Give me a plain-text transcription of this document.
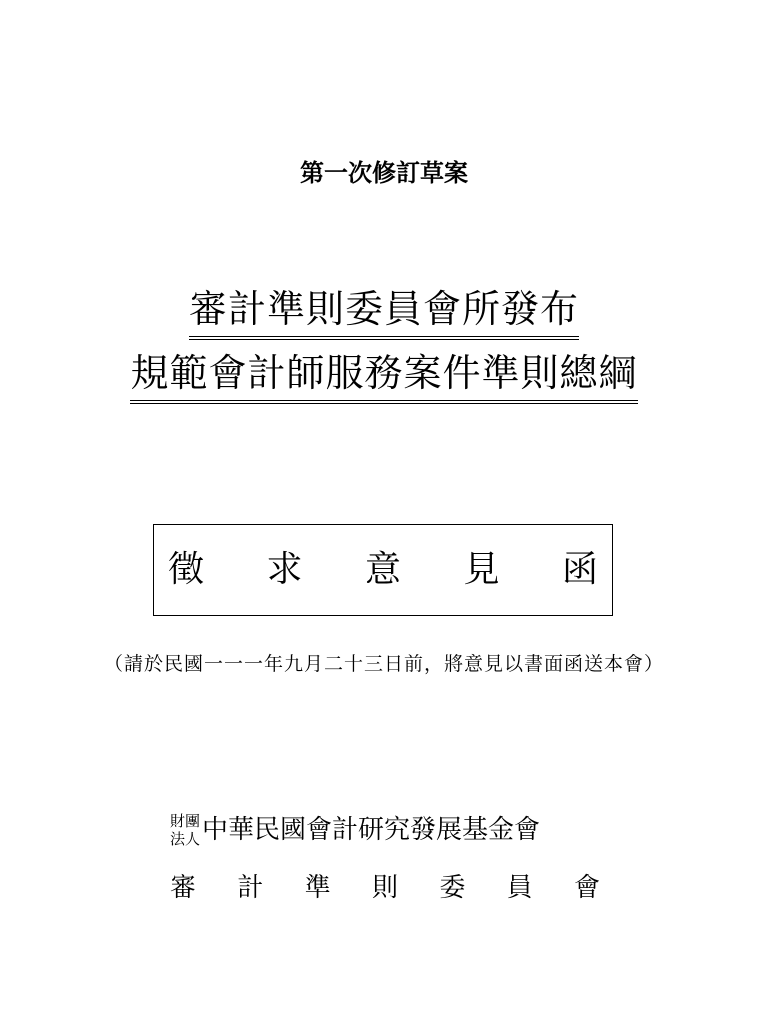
第一次修訂草案
審計準則委員會所發布
規範會計師服務案件準則總綱
徵 求 意 見 函
（請於民國一一一年九月二十三日前，將意見以書面函送本會）
財團
法人 中華民國會計研究發展基金會
審 計 準 則 委 員 會
